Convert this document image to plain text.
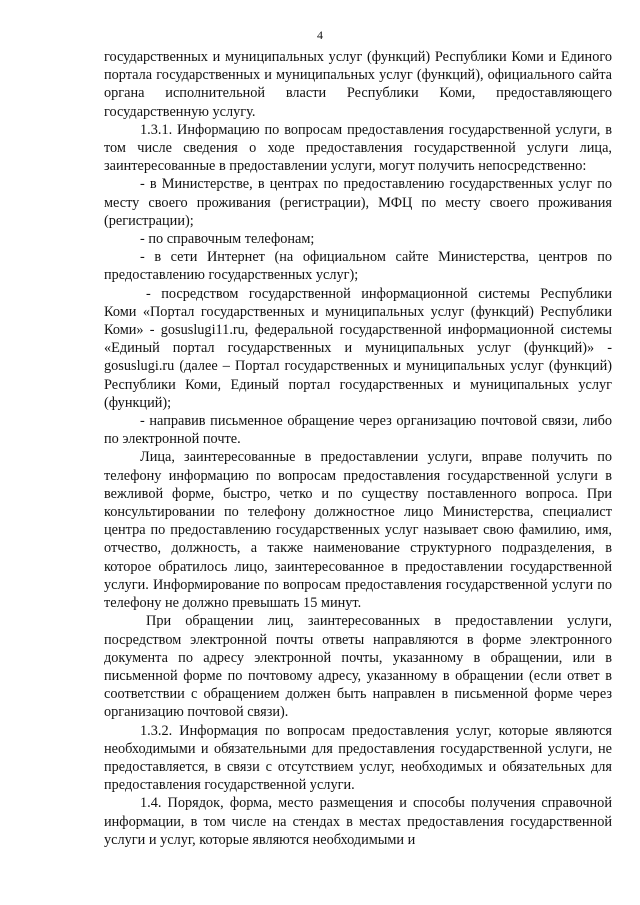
4

государственных и муниципальных услуг (функций) Республики Коми и Единого портала государственных и муниципальных услуг (функций), официального сайта органа исполнительной власти Республики Коми, предоставляющего государственную услугу.

1.3.1. Информацию по вопросам предоставления государственной услуги, в том числе сведения о ходе предоставления государственной услуги лица, заинтересованные в предоставлении услуги, могут получить непосредственно:

- в Министерстве, в центрах по предоставлению государственных услуг по месту своего проживания (регистрации), МФЦ по месту своего проживания (регистрации);

- по справочным телефонам;

- в сети Интернет (на официальном сайте Министерства, центров по предоставлению государственных услуг);

- посредством государственной информационной системы Республики Коми «Портал государственных и муниципальных услуг (функций) Республики Коми» - gosuslugi11.ru, федеральной государственной информационной системы «Единый портал государственных и муниципальных услуг (функций)» - gosuslugi.ru (далее – Портал государственных и муниципальных услуг (функций) Республики Коми, Единый портал государственных и муниципальных услуг (функций);

- направив письменное обращение через организацию почтовой связи, либо по электронной почте.

Лица, заинтересованные в предоставлении услуги, вправе получить по телефону информацию по вопросам предоставления государственной услуги в вежливой форме, быстро, четко и по существу поставленного вопроса. При консультировании по телефону должностное лицо Министерства, специалист центра по предоставлению государственных услуг называет свою фамилию, имя, отчество, должность, а также наименование структурного подразделения, в которое обратилось лицо, заинтересованное в предоставлении государственной услуги. Информирование по вопросам предоставления государственной услуги по телефону не должно превышать 15 минут.

При обращении лиц, заинтересованных в предоставлении услуги, посредством электронной почты ответы направляются в форме электронного документа по адресу электронной почты, указанному в обращении, или в письменной форме по почтовому адресу, указанному в обращении (если ответ в соответствии с обращением должен быть направлен в письменной форме через организацию почтовой связи).

1.3.2. Информация по вопросам предоставления услуг, которые являются необходимыми и обязательными для предоставления государственной услуги, не предоставляется, в связи с отсутствием услуг, необходимых и обязательных для предоставления государственной услуги.

1.4. Порядок, форма, место размещения и способы получения справочной информации, в том числе на стендах в местах предоставления государственной услуги и услуг, которые являются необходимыми и
